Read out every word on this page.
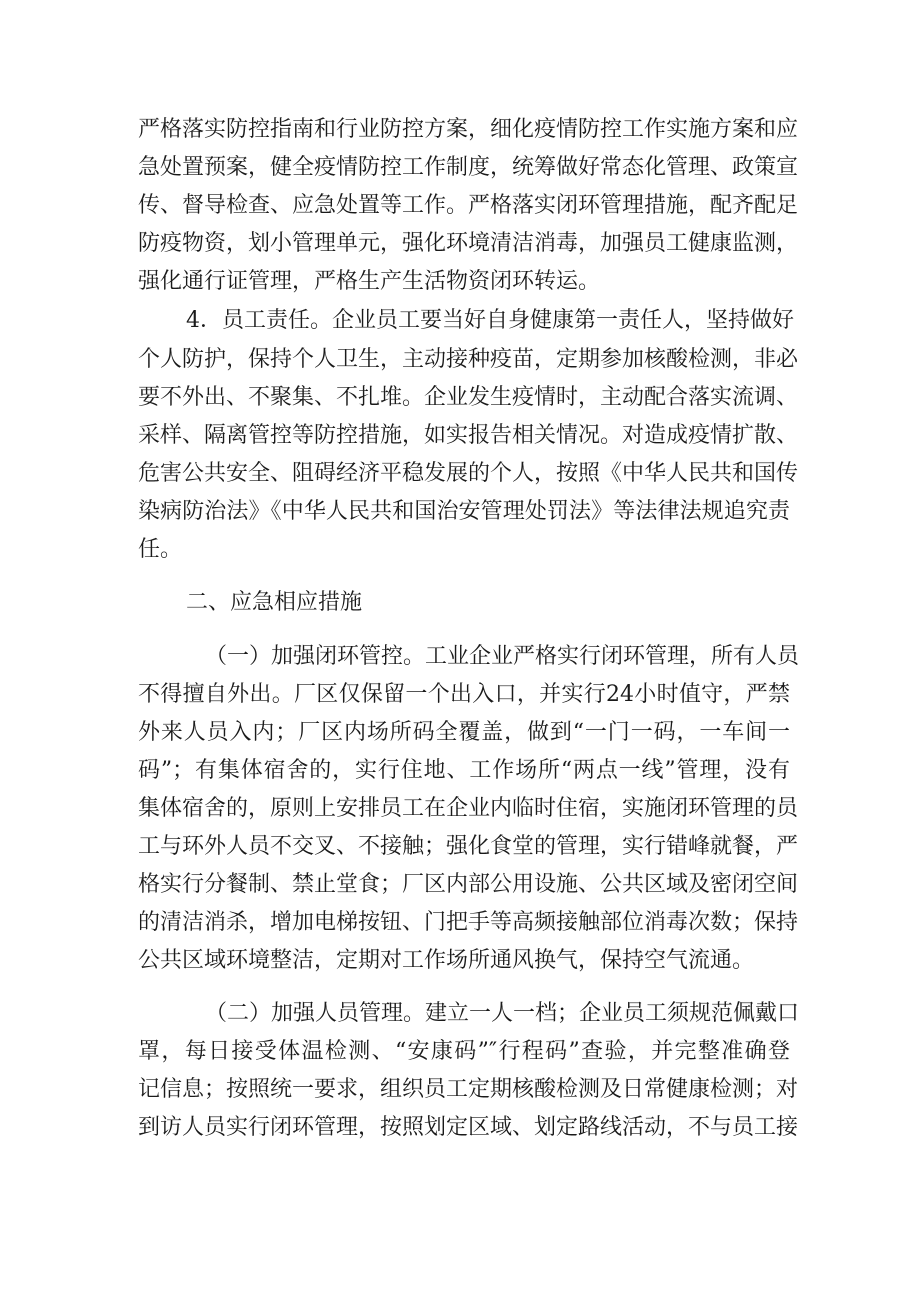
严格落实防控指南和行业防控方案，细化疫情防控工作实施方案和应
急处置预案，健全疫情防控工作制度，统筹做好常态化管理、政策宣
传、督导检查、应急处置等工作。严格落实闭环管理措施，配齐配足
防疫物资，划小管理单元，强化环境清洁消毒，加强员工健康监测，
强化通行证管理，严格生产生活物资闭环转运。
4．员工责任。企业员工要当好自身健康第一责任人，坚持做好
个人防护，保持个人卫生，主动接种疫苗，定期参加核酸检测，非必
要不外出、不聚集、不扎堆。企业发生疫情时，主动配合落实流调、
采样、隔离管控等防控措施，如实报告相关情况。对造成疫情扩散、
危害公共安全、阻碍经济平稳发展的个人，按照《中华人民共和国传
染病防治法》《中华人民共和国治安管理处罚法》等法律法规追究责
任。
二、应急相应措施
（一）加强闭环管控。工业企业严格实行闭环管理，所有人员
不得擅自外出。厂区仅保留一个出入口，并实行24小时值守，严禁
外来人员入内；厂区内场所码全覆盖，做到“一门一码，一车间一
码”；有集体宿舍的，实行住地、工作场所“两点一线”管理，没有
集体宿舍的，原则上安排员工在企业内临时住宿，实施闭环管理的员
工与环外人员不交叉、不接触；强化食堂的管理，实行错峰就餐，严
格实行分餐制、禁止堂食；厂区内部公用设施、公共区域及密闭空间
的清洁消杀，增加电梯按钮、门把手等高频接触部位消毒次数；保持
公共区域环境整洁，定期对工作场所通风换气，保持空气流通。
（二）加强人员管理。建立一人一档；企业员工须规范佩戴口
罩，每日接受体温检测、“安康码”″行程码”查验，并完整准确登
记信息；按照统一要求，组织员工定期核酸检测及日常健康检测；对
到访人员实行闭环管理，按照划定区域、划定路线活动，不与员工接
